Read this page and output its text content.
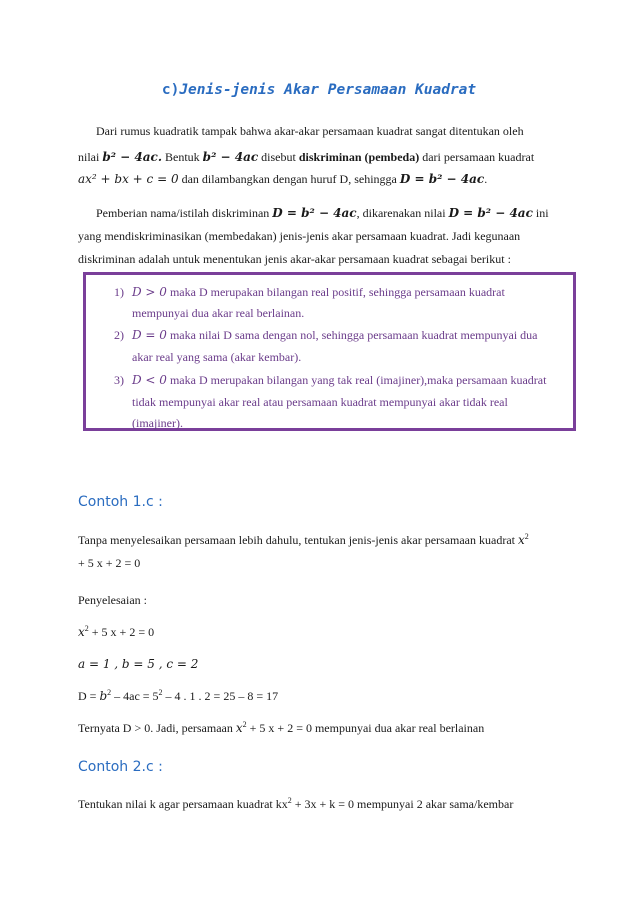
c)Jenis-jenis Akar Persamaan Kuadrat
Dari rumus kuadratik tampak bahwa akar-akar persamaan kuadrat sangat ditentukan oleh
nilai b² − 4ac. Bentuk b² − 4ac disebut diskriminan (pembeda) dari persamaan kuadrat
ax² + bx + c = 0 dan dilambangkan dengan huruf D, sehingga D = b² − 4ac.
Pemberian nama/istilah diskriminan D = b² − 4ac, dikarenakan nilai D = b² − 4ac ini
yang mendiskriminasikan (membedakan) jenis-jenis akar persamaan kuadrat. Jadi kegunaan
diskriminan adalah untuk menentukan jenis akar-akar persamaan kuadrat sebagai berikut :
1) D > 0 maka D merupakan bilangan real positif, sehingga persamaan kuadrat
mempunyai dua akar real berlainan.
2) D = 0 maka nilai D sama dengan nol, sehingga persamaan kuadrat mempunyai dua
akar real yang sama (akar kembar).
3) D < 0 maka D merupakan bilangan yang tak real (imajiner),maka persamaan kuadrat
tidak mempunyai akar real atau persamaan kuadrat mempunyai akar tidak real
(imajiner).
Contoh 1.c :
Tanpa menyelesaikan persamaan lebih dahulu, tentukan jenis-jenis akar persamaan kuadrat $x^2$
+ 5 x + 2 = 0
Penyelesaian :
$x^2 + 5$ x + 2 = 0
a = 1 , b = 5 , c = 2
$D = b^2 - 4ac = 5^2 - 4$ . 1 . 2 = 25 – 8 = 17
Ternyata D > 0. Jadi, persamaan $x^2 + 5$ x + 2 = 0 mempunyai dua akar real berlainan
Contoh 2.c :
Tentukan nilai k agar persamaan kuadrat $kx^2 + 3x + k = 0$ mempunyai 2 akar sama/kembar
